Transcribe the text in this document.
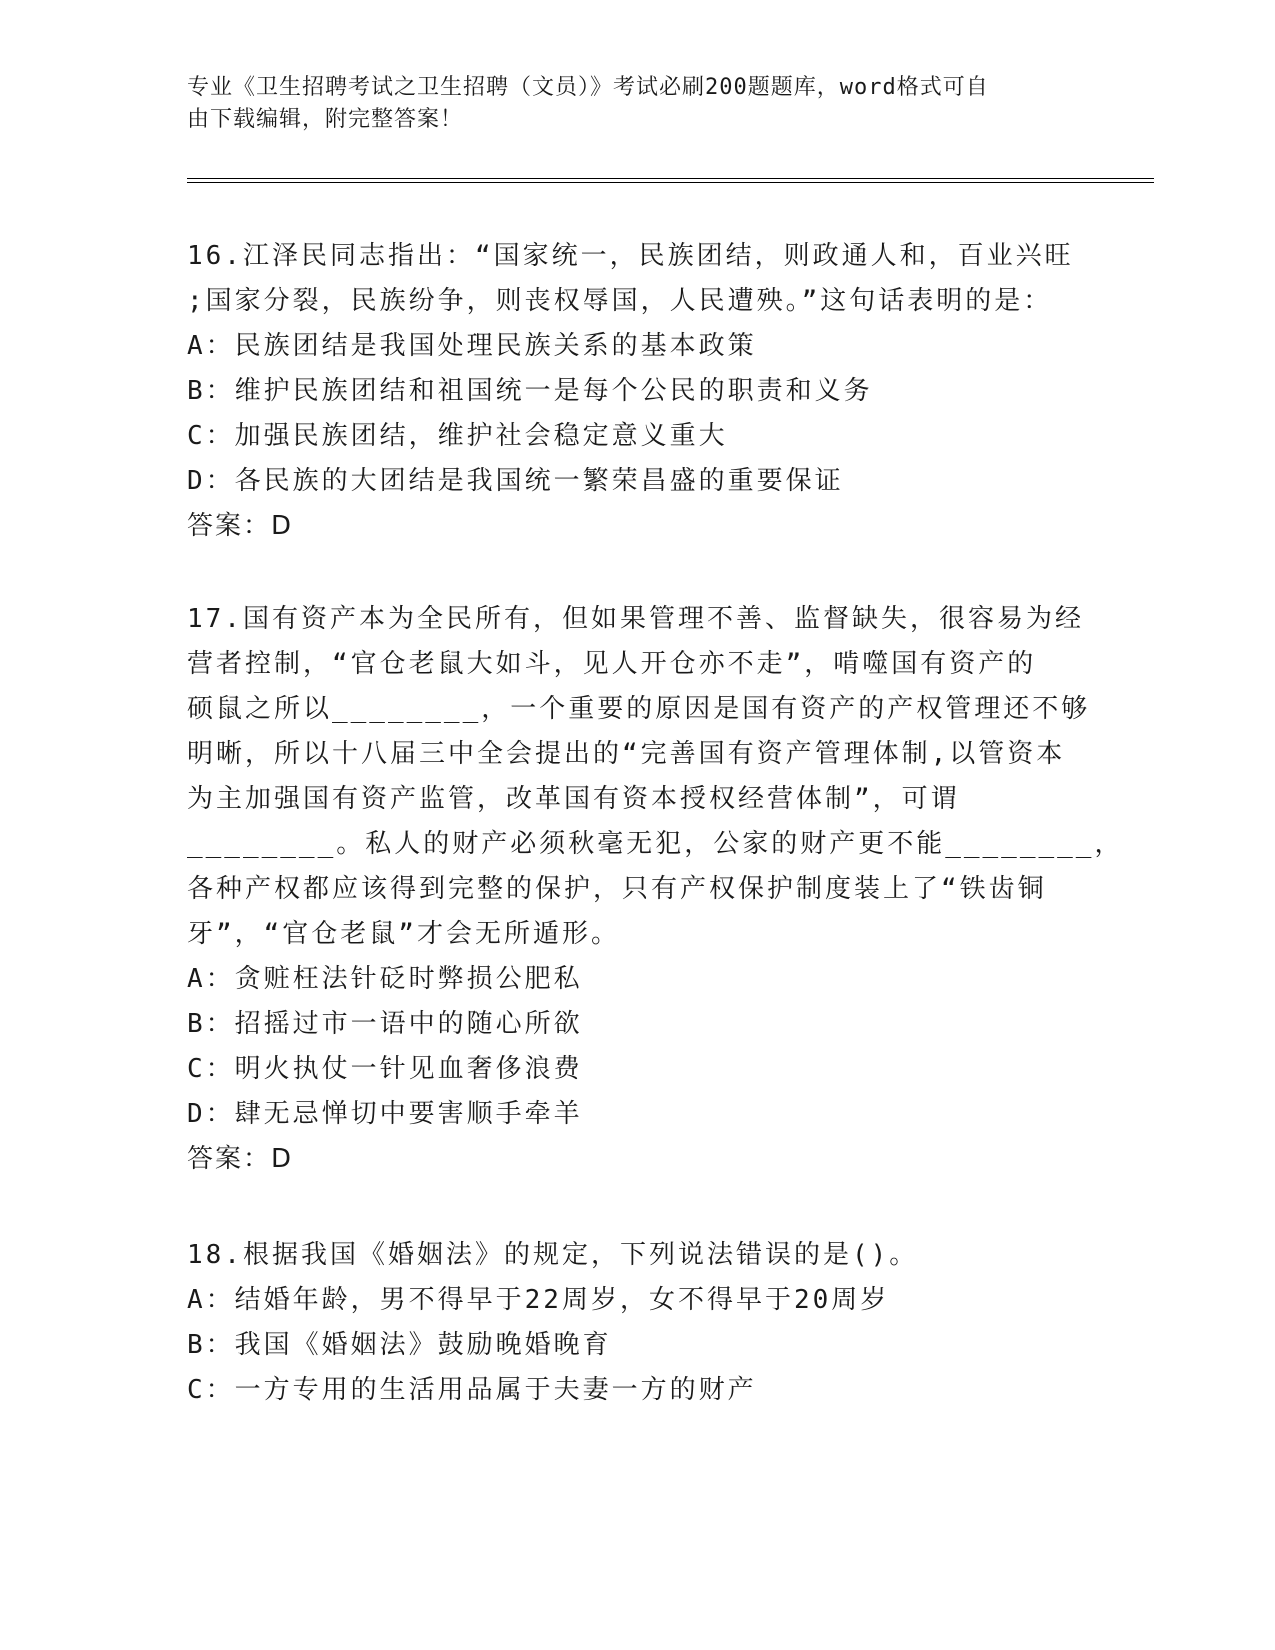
专业《卫生招聘考试之卫生招聘（文员）》考试必刷200题题库，word格式可自
由下载编辑，附完整答案！
16.江泽民同志指出：“国家统一，民族团结，则政通人和，百业兴旺
;国家分裂，民族纷争，则丧权辱国，人民遭殃。”这句话表明的是：
A：民族团结是我国处理民族关系的基本政策
B：维护民族团结和祖国统一是每个公民的职责和义务
C：加强民族团结，维护社会稳定意义重大
D：各民族的大团结是我国统一繁荣昌盛的重要保证
答案：D
17.国有资产本为全民所有，但如果管理不善、监督缺失，很容易为经
营者控制，“官仓老鼠大如斗，见人开仓亦不走”，啃噬国有资产的
硕鼠之所以________，一个重要的原因是国有资产的产权管理还不够
明晰，所以十八届三中全会提出的“完善国有资产管理体制,以管资本
为主加强国有资产监管，改革国有资本授权经营体制”，可谓
________。私人的财产必须秋毫无犯，公家的财产更不能________，
各种产权都应该得到完整的保护，只有产权保护制度装上了“铁齿铜
牙”，“官仓老鼠”才会无所遁形。
A：贪赃枉法针砭时弊损公肥私
B：招摇过市一语中的随心所欲
C：明火执仗一针见血奢侈浪费
D：肆无忌惮切中要害顺手牵羊
答案：D
18.根据我国《婚姻法》的规定，下列说法错误的是()。
A：结婚年龄，男不得早于22周岁，女不得早于20周岁
B：我国《婚姻法》鼓励晚婚晚育
C：一方专用的生活用品属于夫妻一方的财产
